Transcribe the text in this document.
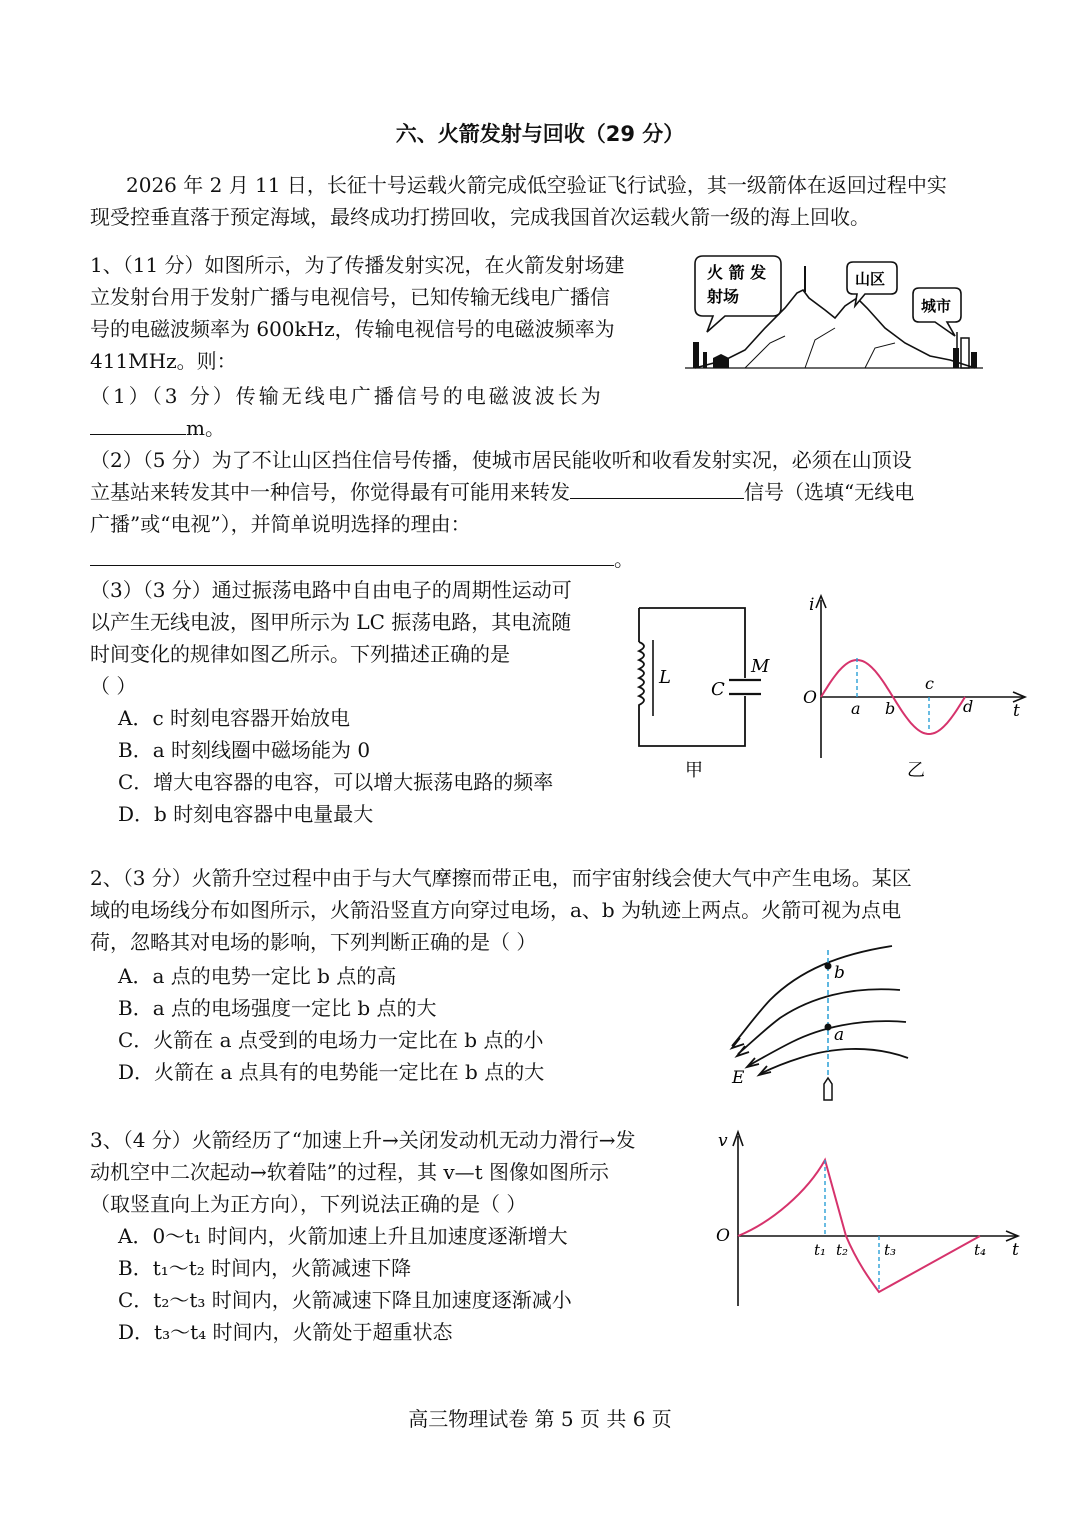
六、火箭发射与回收（29 分）
2026 年 2 月 11 日，长征十号运载火箭完成低空验证飞行试验，其一级箭体在返回过程中实
现受控垂直落于预定海域，最终成功打捞回收，完成我国首次运载火箭一级的海上回收。
1、（11 分）如图所示，为了传播发射实况，在火箭发射场建
立发射台用于发射广播与电视信号，已知传输无线电广播信
号的电磁波频率为 600kHz，传输电视信号的电磁波频率为
411MHz。则：
（1）（3 分）传输无线电广播信号的电磁波波长为
m。
火 箭 发
射场
山区
城市
（2）（5 分）为了不让山区挡住信号传播，使城市居民能收听和收看发射实况，必须在山顶设
立基站来转发其中一种信号，你觉得最有可能用来转发	信号（选填“无线电
广播”或“电视”），并简单说明选择的理由：
。
（3）（3 分）通过振荡电路中自由电子的周期性运动可
以产生无线电波，图甲所示为 LC 振荡电路，其电流随
时间变化的规律如图乙所示。下列描述正确的是
（ ）
A．c 时刻电容器开始放电
B．a 时刻线圈中磁场能为 0
C．增大电容器的电容，可以增大振荡电路的频率
D．b 时刻电容器中电量最大
L
C
M
甲
i
O
a b
c
d t
乙
2、（3 分）火箭升空过程中由于与大气摩擦而带正电，而宇宙射线会使大气中产生电场。某区
域的电场线分布如图所示，火箭沿竖直方向穿过电场，a、b 为轨迹上两点。火箭可视为点电
荷，忽略其对电场的影响，下列判断正确的是（ ）
A．a 点的电势一定比 b 点的高
B．a 点的电场强度一定比 b 点的大
C．火箭在 a 点受到的电场力一定比在 b 点的小
D．火箭在 a 点具有的电势能一定比在 b 点的大
b
a
E
3、（4 分）火箭经历了“加速上升→关闭发动机无动力滑行→发
动机空中二次起动→软着陆”的过程，其 v—t 图像如图所示
（取竖直向上为正方向），下列说法正确的是（ ）
A．0～t₁ 时间内，火箭加速上升且加速度逐渐增大
B．t₁～t₂ 时间内，火箭减速下降
C．t₂～t₃ 时间内，火箭减速下降且加速度逐渐减小
D．t₃～t₄ 时间内，火箭处于超重状态
v
O
t₁ t₂ t₃	t₄ t
高三物理试卷 第 5 页 共 6 页
